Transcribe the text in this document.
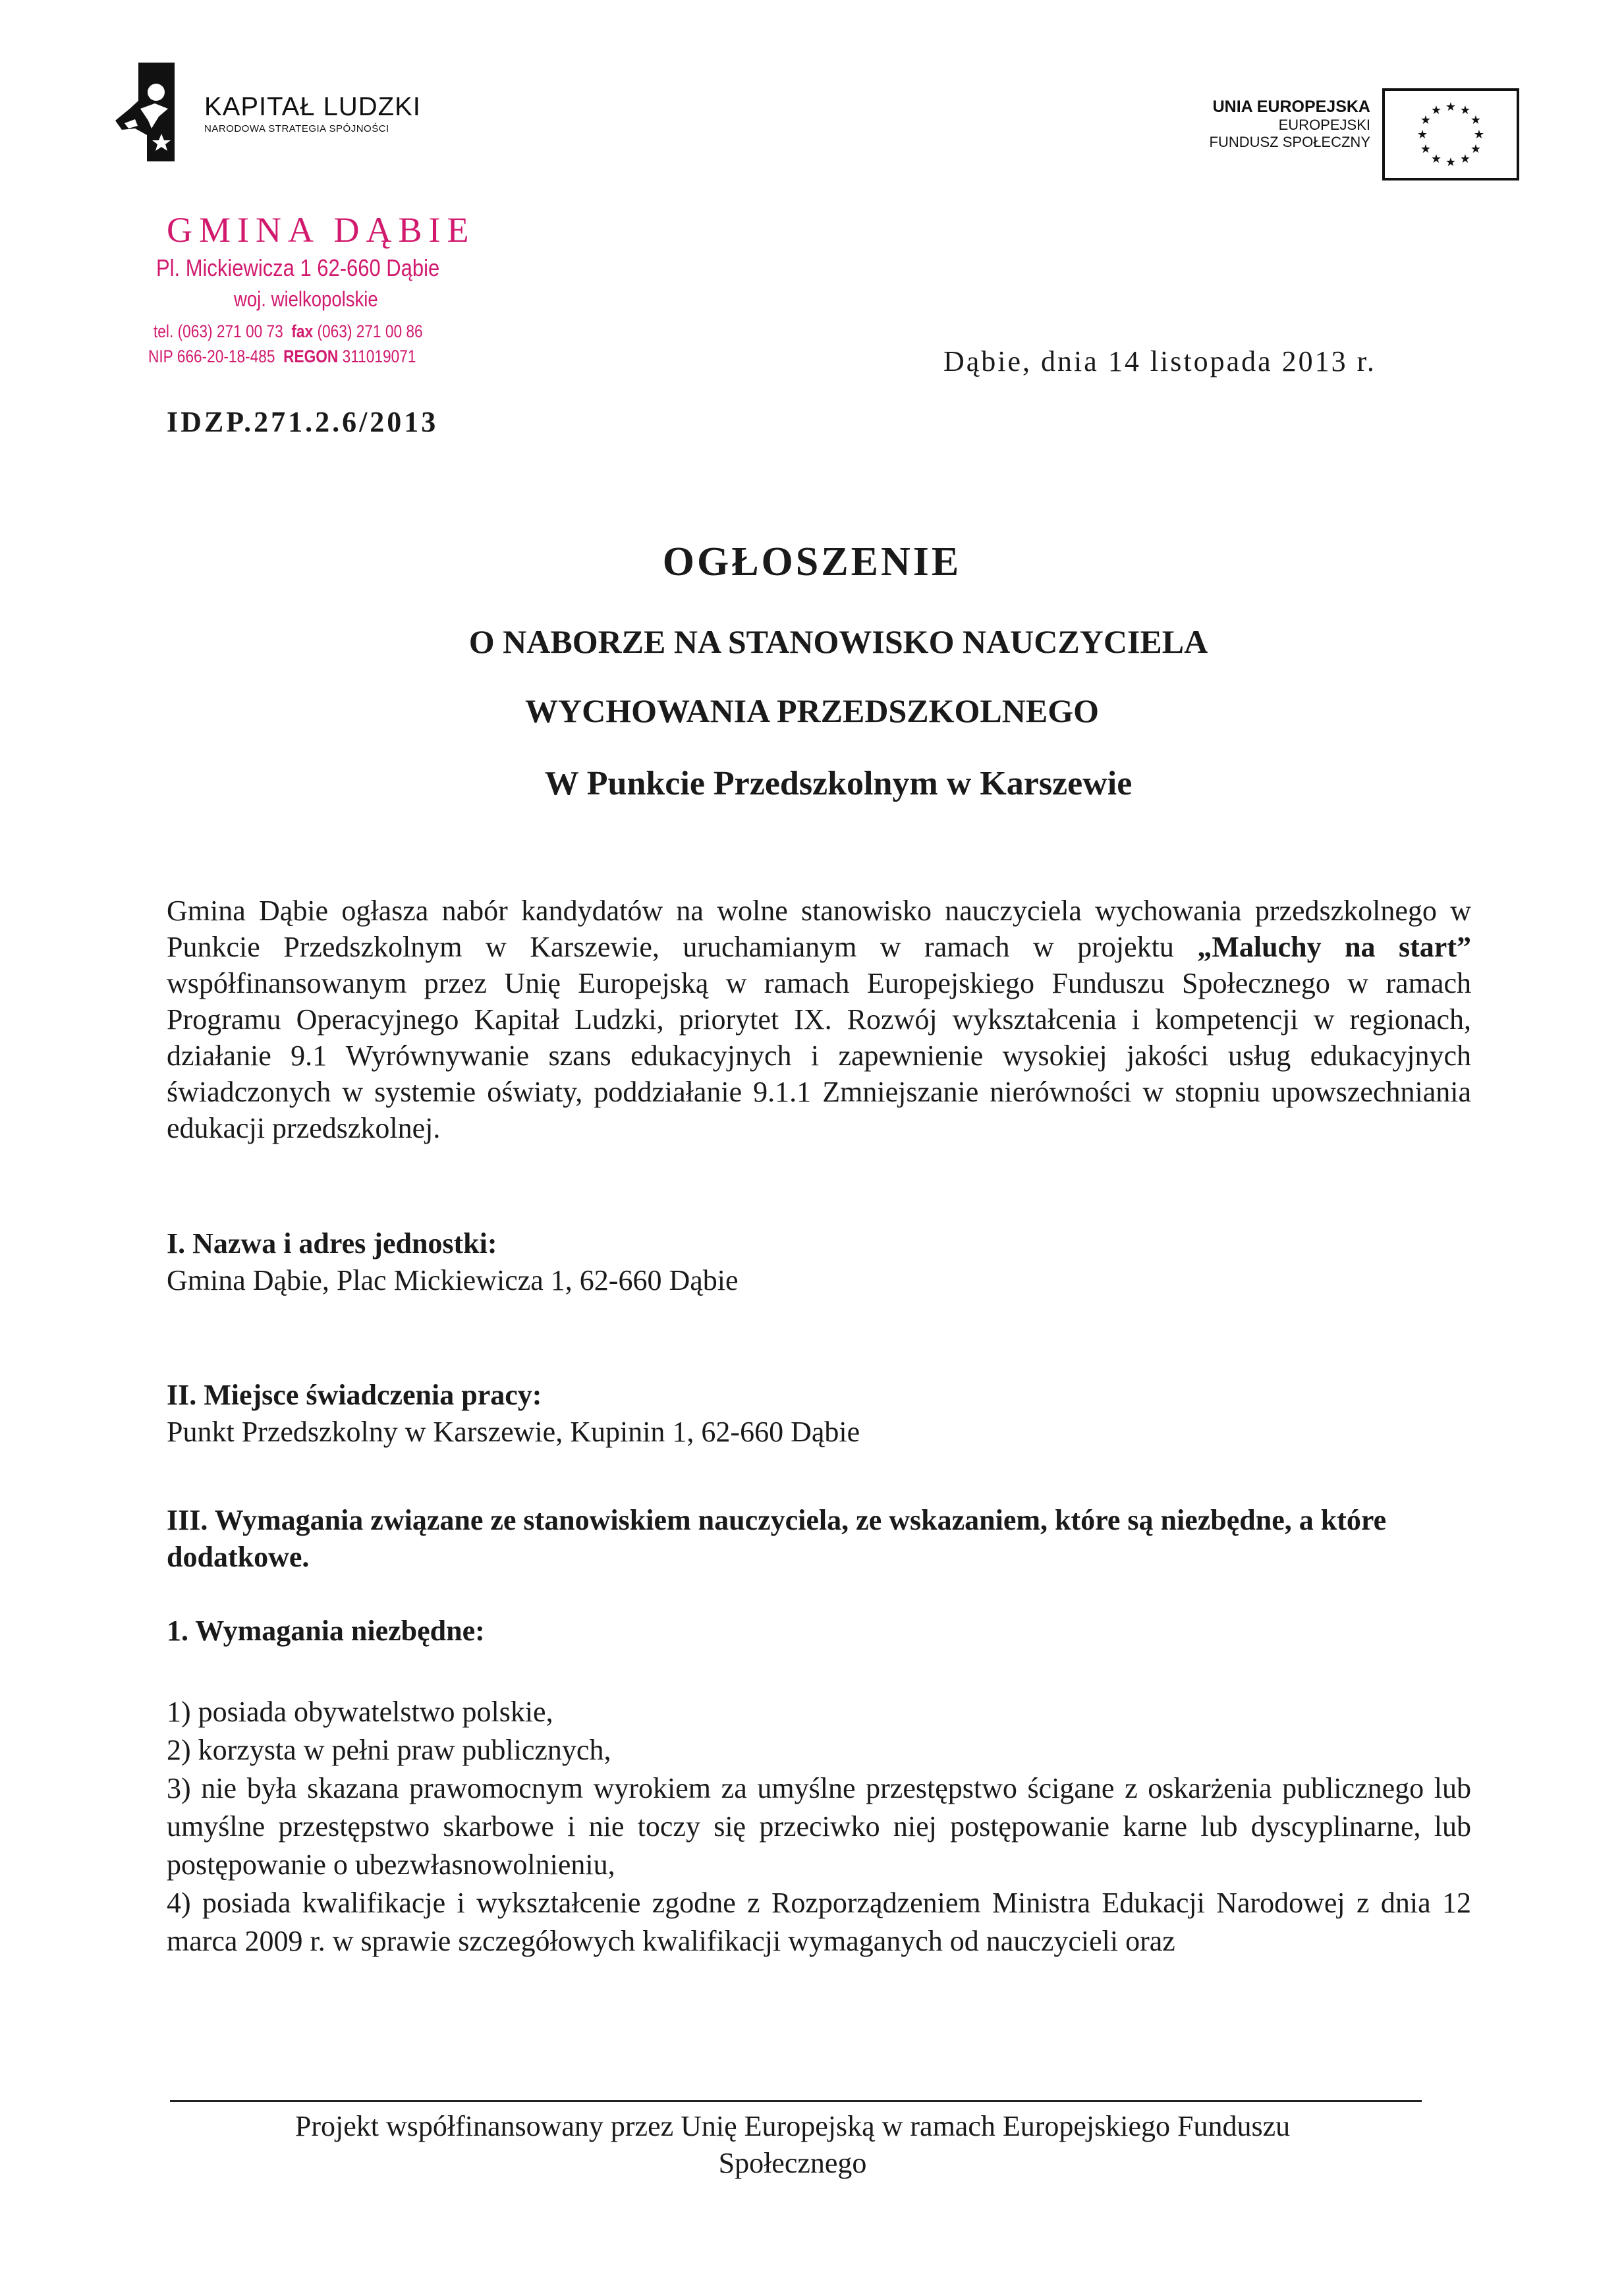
KAPITAŁ LUDZKI
NARODOWA STRATEGIA SPÓJNOŚCI
UNIA EUROPEJSKA
EUROPEJSKI
FUNDUSZ SPOŁECZNY
★ ★
★
★
★
★
★
★
★
★
★
★
GMINA DĄBIE
Pl. Mickiewicza 1 62-660 Dąbie
woj. wielkopolskie
tel. (063) 271 00 73 fax (063) 271 00 86
NIP 666-20-18-485 REGON 311019071	Dąbie, dnia 14 listopada 2013 r.
IDZP.271.2.6/2013
OGŁOSZENIE
O NABORZE NA STANOWISKO NAUCZYCIELA
WYCHOWANIA PRZEDSZKOLNEGO
W Punkcie Przedszkolnym w Karszewie
Gmina Dąbie ogłasza nabór kandydatów na wolne stanowisko nauczyciela wychowania przedszkolnego w Punkcie Przedszkolnym w Karszewie, uruchamianym w ramach w projektu „Maluchy na start” współfinansowanym przez Unię Europejską w ramach Europejskiego Funduszu Społecznego w ramach Programu Operacyjnego Kapitał Ludzki, priorytet IX. Rozwój wykształcenia i kompetencji w regionach, działanie 9.1 Wyrównywanie szans edukacyjnych i zapewnienie wysokiej jakości usług edukacyjnych świadczonych w systemie oświaty, poddziałanie 9.1.1 Zmniejszanie nierówności w stopniu upowszechniania edukacji przedszkolnej.
I. Nazwa i adres jednostki:
Gmina Dąbie, Plac Mickiewicza 1, 62-660 Dąbie
II. Miejsce świadczenia pracy:
Punkt Przedszkolny w Karszewie, Kupinin 1, 62-660 Dąbie
III. Wymagania związane ze stanowiskiem nauczyciela, ze wskazaniem, które są niezbędne, a które dodatkowe.
1. Wymagania niezbędne:
1) posiada obywatelstwo polskie,
2) korzysta w pełni praw publicznych,
3) nie była skazana prawomocnym wyrokiem za umyślne przestępstwo ścigane z oskarżenia publicznego lub umyślne przestępstwo skarbowe i nie toczy się przeciwko niej postępowanie karne lub dyscyplinarne, lub postępowanie o ubezwłasnowolnieniu,
4) posiada kwalifikacje i wykształcenie zgodne z Rozporządzeniem Ministra Edukacji Narodowej z dnia 12 marca 2009 r. w sprawie szczegółowych kwalifikacji wymaganych od nauczycieli oraz
Projekt współfinansowany przez Unię Europejską w ramach Europejskiego Funduszu
Społecznego
